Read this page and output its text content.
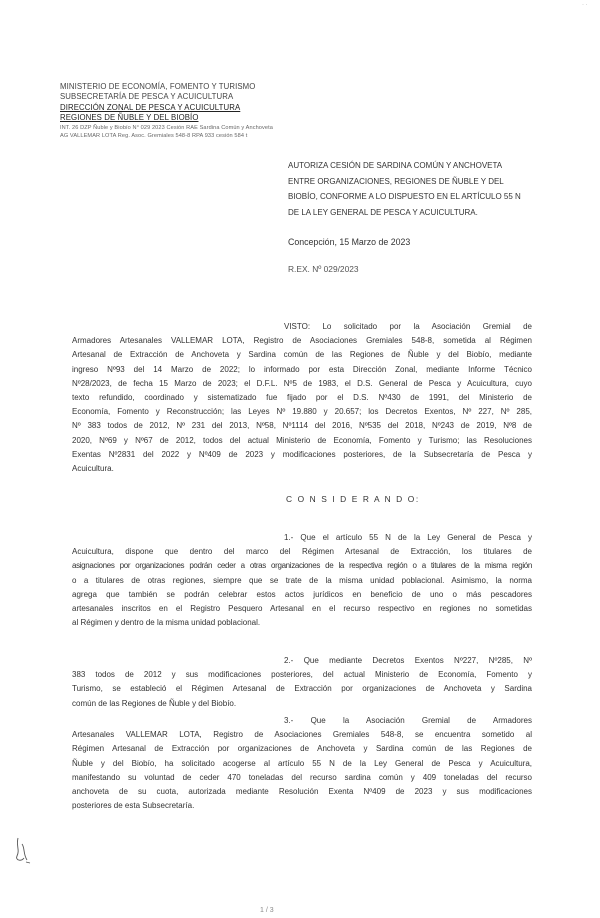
· ·
MINISTERIO DE ECONOMÍA, FOMENTO Y TURISMO
SUBSECRETARÍA DE PESCA Y ACUICULTURA
DIRECCIÓN ZONAL DE PESCA Y ACUICULTURA
REGIONES DE ÑUBLE Y DEL BIOBÍO
INT. 26 DZP Ñuble y Biobío N° 029 2023 Cesión RAE Sardina Común y Anchoveta
AG VALLEMAR LOTA Reg. Asoc. Gremiales 548-8 RPA 933 cesión 584 t
AUTORIZA CESIÓN DE SARDINA COMÚN Y ANCHOVETA
ENTRE ORGANIZACIONES, REGIONES DE ÑUBLE Y DEL
BIOBÍO, CONFORME A LO DISPUESTO EN EL ARTÍCULO 55 N
DE LA LEY GENERAL DE PESCA Y ACUICULTURA.
Concepción, 15 Marzo de 2023
R.EX. Nº 029/2023
VISTO: Lo solicitado por la Asociación Gremial de
Armadores Artesanales VALLEMAR LOTA, Registro de Asociaciones Gremiales 548-8, sometida al Régimen
Artesanal de Extracción de Anchoveta y Sardina común de las Regiones de Ñuble y del Biobío, mediante
ingreso Nº93 del 14 Marzo de 2022; lo informado por esta Dirección Zonal, mediante Informe Técnico
Nº28/2023, de fecha 15 Marzo de 2023; el D.F.L. Nº5 de 1983, el D.S. General de Pesca y Acuicultura, cuyo
texto refundido, coordinado y sistematizado fue fijado por el D.S. Nº430 de 1991, del Ministerio de
Economía, Fomento y Reconstrucción; las Leyes Nº 19.880 y 20.657; los Decretos Exentos, Nº 227, Nº 285,
Nº 383 todos de 2012, Nº 231 del 2013, Nº58, Nº1114 del 2016, Nº535 del 2018, Nº243 de 2019, Nº8 de
2020, Nº69 y Nº67 de 2012, todos del actual Ministerio de Economía, Fomento y Turismo; las Resoluciones
Exentas Nº2831 del 2022 y Nº409 de 2023 y modificaciones posteriores, de la Subsecretaría de Pesca y
Acuicultura.
C O N S I D E R A N D O:
1.- Que el artículo 55 N de la Ley General de Pesca y
Acuicultura, dispone que dentro del marco del Régimen Artesanal de Extracción, los titulares de
asignaciones por organizaciones podrán ceder a otras organizaciones de la respectiva región o a titulares de la misma región
o a titulares de otras regiones, siempre que se trate de la misma unidad poblacional. Asimismo, la norma
agrega que también se podrán celebrar estos actos jurídicos en beneficio de uno o más pescadores
artesanales inscritos en el Registro Pesquero Artesanal en el recurso respectivo en regiones no sometidas
al Régimen y dentro de la misma unidad poblacional.
2.- Que mediante Decretos Exentos Nº227, Nº285, Nº
383 todos de 2012 y sus modificaciones posteriores, del actual Ministerio de Economía, Fomento y
Turismo, se estableció el Régimen Artesanal de Extracción por organizaciones de Anchoveta y Sardina
común de las Regiones de Ñuble y del Biobío.
3.- Que la Asociación Gremial de Armadores
Artesanales VALLEMAR LOTA, Registro de Asociaciones Gremiales 548-8, se encuentra sometido al
Régimen Artesanal de Extracción por organizaciones de Anchoveta y Sardina común de las Regiones de
Ñuble y del Biobío, ha solicitado acogerse al artículo 55 N de la Ley General de Pesca y Acuicultura,
manifestando su voluntad de ceder 470 toneladas del recurso sardina común y 409 toneladas del recurso
anchoveta de su cuota, autorizada mediante Resolución Exenta Nº409 de 2023 y sus modificaciones
posteriores de esta Subsecretaría.
1 / 3
